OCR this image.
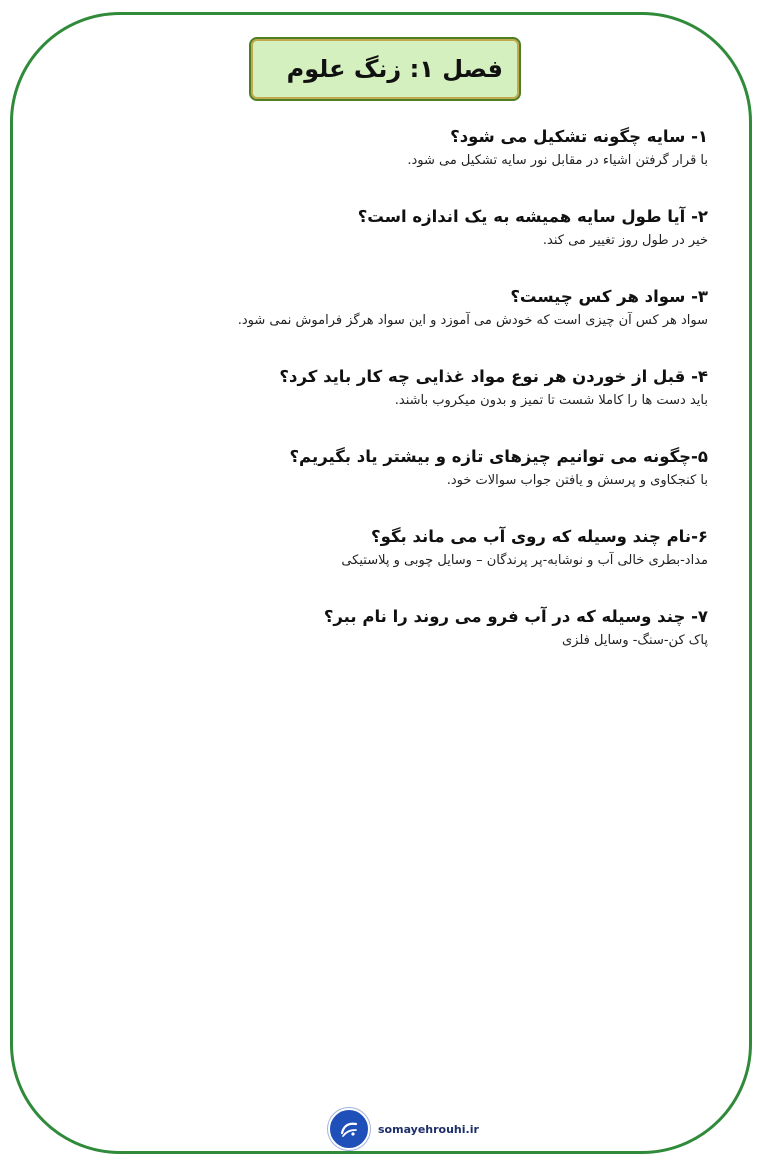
فصل ۱: زنگ علوم
۱- سایه چگونه تشکیل می شود؟
با قرار گرفتن اشیاء در مقابل نور سایه تشکیل می شود.
۲- آیا طول سایه همیشه به یک اندازه است؟
خیر در طول روز تغییر می کند.
۳- سواد هر کس چیست؟
سواد هر کس آن چیزی است که خودش می آموزد و این سواد هرگز فراموش نمی شود.
۴- قبل از خوردن هر نوع مواد غذایی چه کار باید کرد؟
باید دست ها را کاملا شست تا تمیز و بدون میکروب باشند.
۵-چگونه می توانیم چیزهای تازه و بیشتر یاد بگیریم؟
با کنجکاوی و پرسش و یافتن جواب سوالات خود.
۶-نام چند وسیله که روی آب می ماند بگو؟
مداد-بطری خالی آب و نوشابه-پر پرندگان – وسایل چوبی و پلاستیکی
۷- چند وسیله که در آب فرو می روند را نام ببر؟
پاک کن-سنگ- وسایل فلزی
somayehrouhi.ir
